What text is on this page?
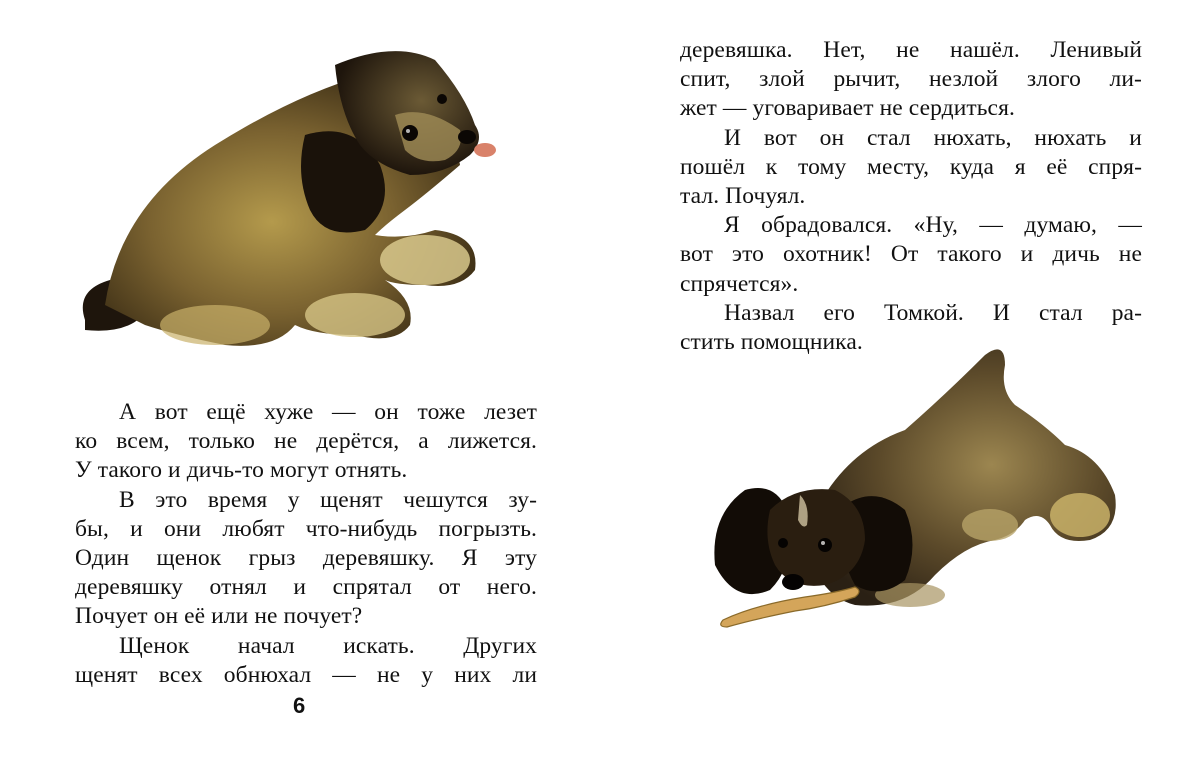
А вот ещё хуже — он тоже лезет
ко всем, только не дерётся, а лижется.
У такого и дичь-то могут отнять.
В это время у щенят чешутся зу-
бы, и они любят что-нибудь погрызть.
Один щенок грыз деревяшку. Я эту
деревяшку отнял и спрятал от него.
Почует он её или не почует?
Щенок начал искать. Других
щенят всех обнюхал — не у них ли
6
деревяшка. Нет, не нашёл. Ленивый
спит, злой рычит, незлой злого ли-
жет — уговаривает не сердиться.
И вот он стал нюхать, нюхать и
пошёл к тому месту, куда я её спря-
тал. Почуял.
Я обрадовался. «Ну, — думаю, —
вот это охотник! От такого и дичь не
спрячется».
Назвал его Томкой. И стал ра-
стить помощника.
